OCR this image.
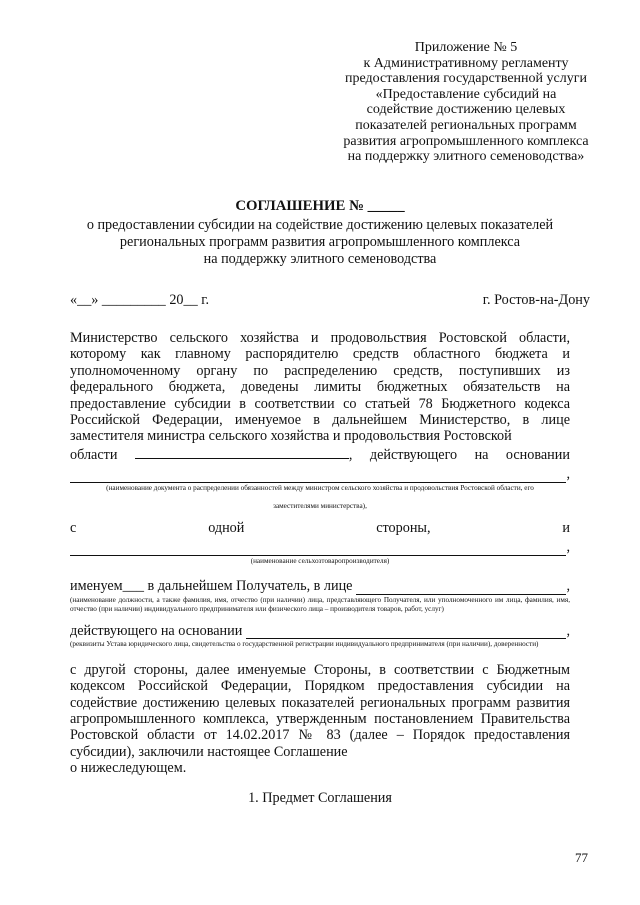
Приложение № 5
к Административному регламенту
предоставления государственной услуги
«Предоставление субсидий на
содействие достижению целевых
показателей региональных программ
развития агропромышленного комплекса
на поддержку элитного семеноводства»
СОГЛАШЕНИЕ № _____
о предоставлении субсидии на содействие достижению целевых показателей
региональных программ развития агропромышленного комплекса
на поддержку элитного семеноводства
«__» _________ 20__ г.	г. Ростов-на-Дону

Министерство сельского хозяйства и продовольствия Ростовской области, которому как главному распорядителю средств областного бюджета и уполномоченному органу по распределению средств, поступивших из федерального бюджета, доведены лимиты бюджетных обязательств на предоставление субсидии в соответствии со статьей 78 Бюджетного кодекса Российской Федерации, именуемое в дальнейшем Министерство, в лице заместителя министра сельского хозяйства и продовольствия Ростовской

области	, действующего на основании
,
(наименование документа о распределении обязанностей между министром сельского хозяйства и продовольствия Ростовской области, его
заместителями министерства),
с	одной	стороны,	и
,
(наименование сельхозтоваропроизводителя)
именуем___ в дальнейшем Получатель, в лице	,
(наименование должности, а также фамилия, имя, отчество (при наличии) лица, представляющего Получателя, или уполномоченного им лица, фамилия, имя, отчество (при наличии) индивидуального предпринимателя или физического лица – производителя товаров, работ, услуг)
действующего на основании	,
(реквизиты Устава юридического лица, свидетельства о государственной регистрации индивидуального предпринимателя (при наличии), доверенности)

с другой стороны, далее именуемые Стороны, в соответствии с Бюджетным кодексом Российской Федерации, Порядком предоставления субсидии на содействие достижению целевых показателей региональных программ развития агропромышленного комплекса, утвержденным постановлением Правительства Ростовской области от 14.02.2017 № 83 (далее – Порядок предоставления субсидии), заключили настоящее Соглашение

о нижеследующем.
1. Предмет Соглашения
77
